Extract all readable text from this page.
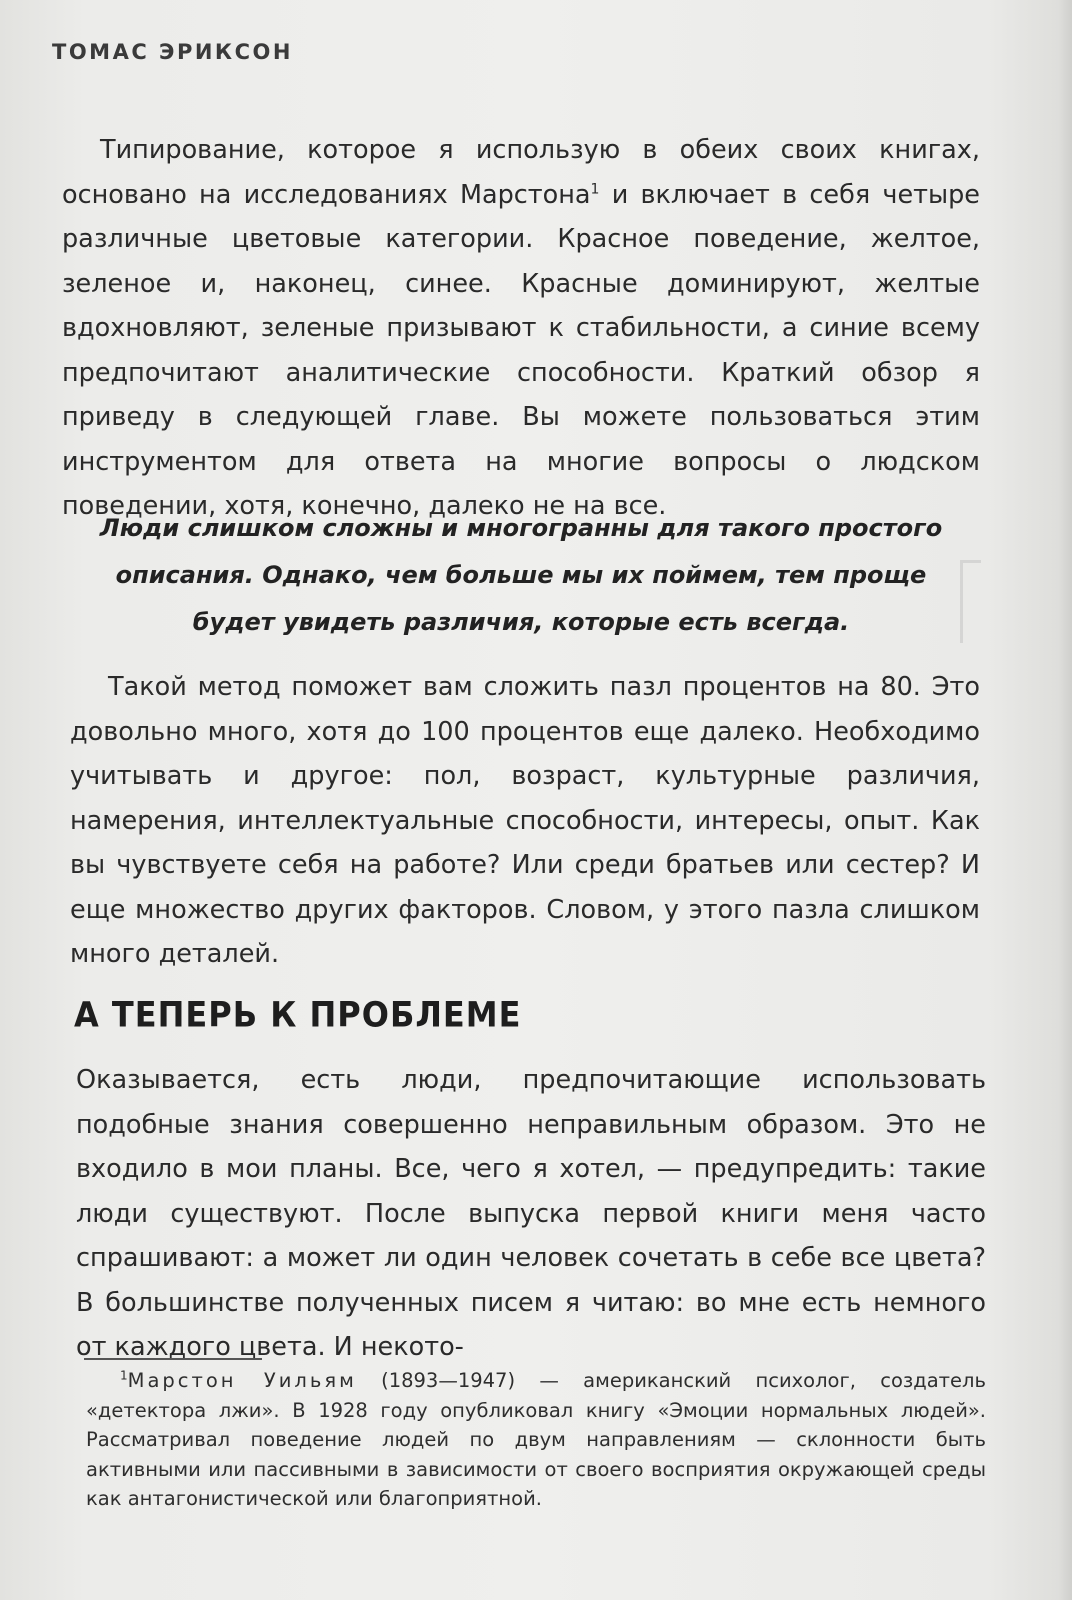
ТОМАС ЭРИКСОН

Типирование, которое я использую в обеих своих книгах, основано на исследованиях Марстона$^1$ и включает в себя четыре различные цветовые категории. Красное поведение, желтое, зеленое и, наконец, синее. Красные доминируют, желтые вдохновляют, зеленые призывают к стабильности, а синие всему предпочитают аналитические способности. Краткий обзор я приведу в следующей главе. Вы можете пользоваться этим инструментом для ответа на многие вопросы о людском поведении, хотя, конечно, далеко не на все.

Люди слишком сложны и многогранны для такого простого описания. Однако, чем больше мы их поймем, тем проще будет увидеть различия, которые есть всегда.

Такой метод поможет вам сложить пазл процентов на 80. Это довольно много, хотя до 100 процентов еще далеко. Необходимо учитывать и другое: пол, возраст, культурные различия, намерения, интеллектуальные способности, интересы, опыт. Как вы чувствуете себя на работе? Или среди братьев или сестер? И еще множество других факторов. Словом, у этого пазла слишком много деталей.

А ТЕПЕРЬ К ПРОБЛЕМЕ

Оказывается, есть люди, предпочитающие использовать подобные знания совершенно неправильным образом. Это не входило в мои планы. Все, чего я хотел, — предупредить: такие люди существуют. После выпуска первой книги меня часто спрашивают: а может ли один человек сочетать в себе все цвета? В большинстве полученных писем я читаю: во мне есть немного от каждого цвета. И некото-

$^1$Марстон Уильям (1893—1947) — американский психолог, создатель «детектора лжи». В 1928 году опубликовал книгу «Эмоции нормальных людей». Рассматривал поведение людей по двум направлениям — склонности быть активными или пассивными в зависимости от своего восприятия окружающей среды как антагонистической или благоприятной.
